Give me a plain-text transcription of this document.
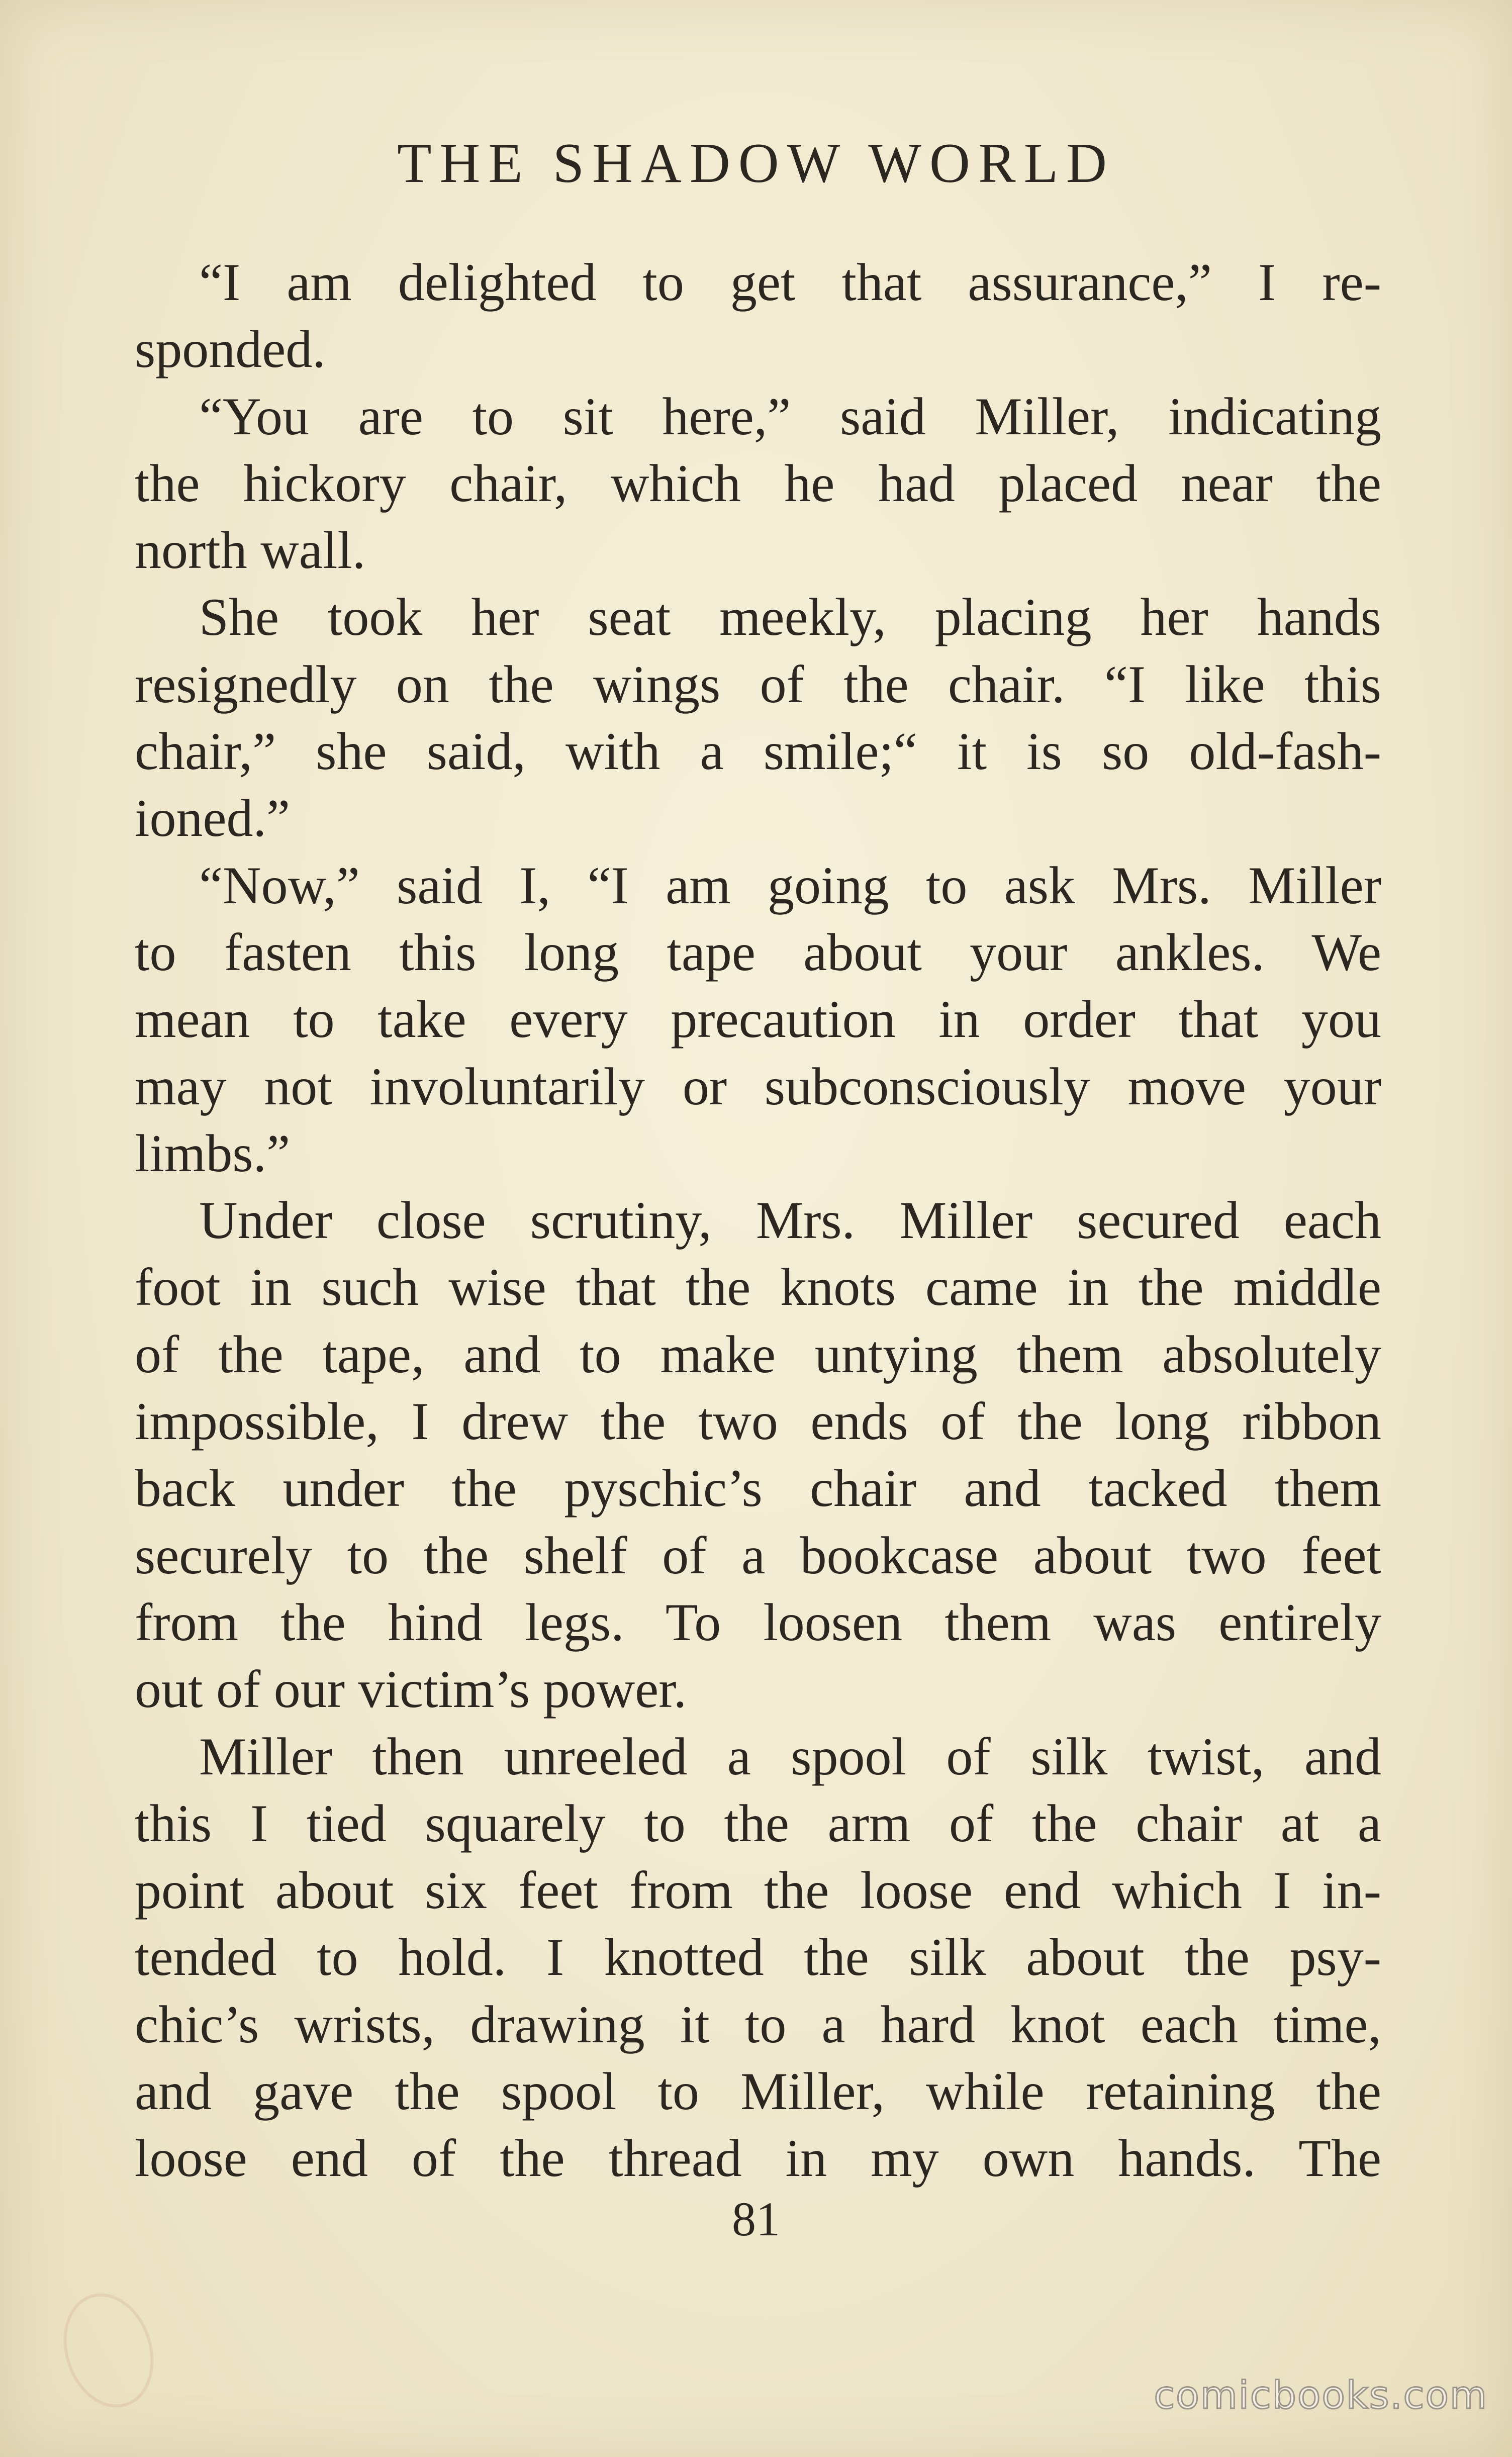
THE SHADOW WORLD
“I am delighted to get that assurance,” I re-
sponded.
“You are to sit here,” said Miller, indicating
the hickory chair, which he had placed near the
north wall.
She took her seat meekly, placing her hands
resignedly on the wings of the chair. “I like this
chair,” she said, with a smile;“ it is so old-fash-
ioned.”
“Now,” said I, “I am going to ask Mrs. Miller
to fasten this long tape about your ankles. We
mean to take every precaution in order that you
may not involuntarily or subconsciously move your
limbs.”
Under close scrutiny, Mrs. Miller secured each
foot in such wise that the knots came in the middle
of the tape, and to make untying them absolutely
impossible, I drew the two ends of the long ribbon
back under the pyschic’s chair and tacked them
securely to the shelf of a bookcase about two feet
from the hind legs. To loosen them was entirely
out of our victim’s power.
Miller then unreeled a spool of silk twist, and
this I tied squarely to the arm of the chair at a
point about six feet from the loose end which I in-
tended to hold. I knotted the silk about the psy-
chic’s wrists, drawing it to a hard knot each time,
and gave the spool to Miller, while retaining the
loose end of the thread in my own hands. The
81
comicbooks.com
